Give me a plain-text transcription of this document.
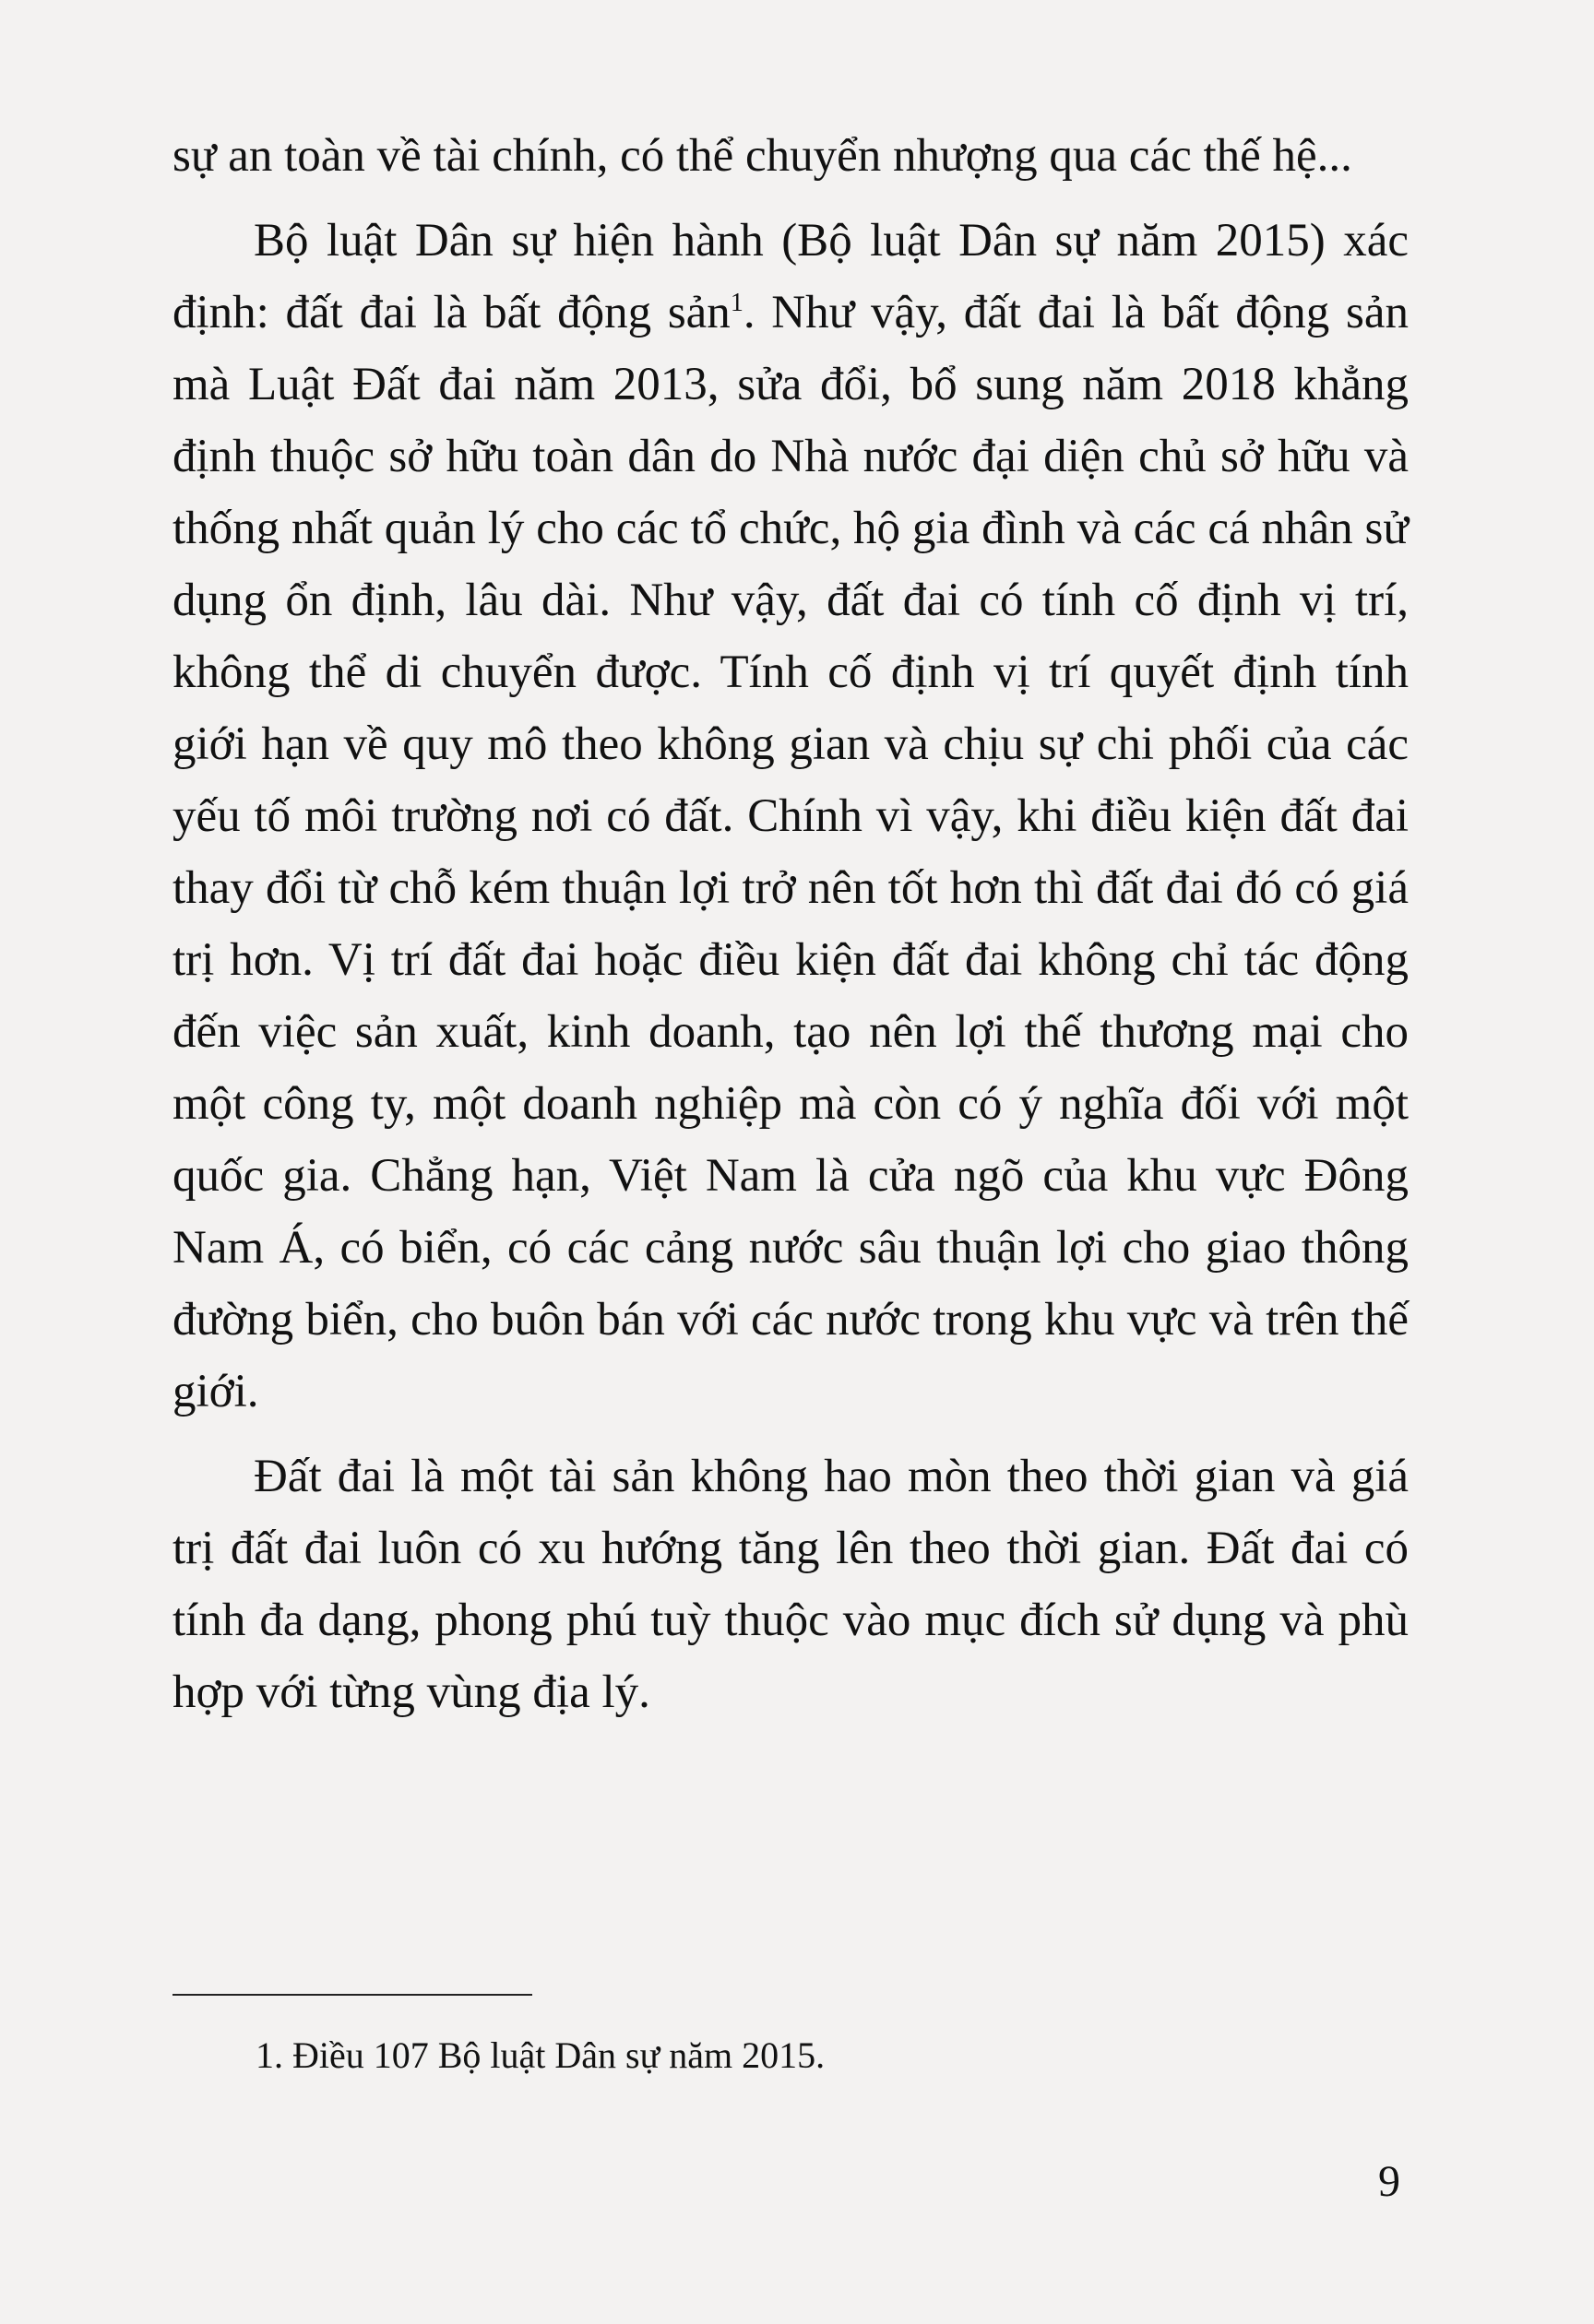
sự an toàn về tài chính, có thể chuyển nhượng qua các thế hệ...

Bộ luật Dân sự hiện hành (Bộ luật Dân sự năm 2015) xác định: đất đai là bất động sản$^1$. Như vậy, đất đai là bất động sản mà Luật Đất đai năm 2013, sửa đổi, bổ sung năm 2018 khẳng định thuộc sở hữu toàn dân do Nhà nước đại diện chủ sở hữu và thống nhất quản lý cho các tổ chức, hộ gia đình và các cá nhân sử dụng ổn định, lâu dài. Như vậy, đất đai có tính cố định vị trí, không thể di chuyển được. Tính cố định vị trí quyết định tính giới hạn về quy mô theo không gian và chịu sự chi phối của các yếu tố môi trường nơi có đất. Chính vì vậy, khi điều kiện đất đai thay đổi từ chỗ kém thuận lợi trở nên tốt hơn thì đất đai đó có giá trị hơn. Vị trí đất đai hoặc điều kiện đất đai không chỉ tác động đến việc sản xuất, kinh doanh, tạo nên lợi thế thương mại cho một công ty, một doanh nghiệp mà còn có ý nghĩa đối với một quốc gia. Chẳng hạn, Việt Nam là cửa ngõ của khu vực Đông Nam Á, có biển, có các cảng nước sâu thuận lợi cho giao thông đường biển, cho buôn bán với các nước trong khu vực và trên thế giới.

Đất đai là một tài sản không hao mòn theo thời gian và giá trị đất đai luôn có xu hướng tăng lên theo thời gian. Đất đai có tính đa dạng, phong phú tuỳ thuộc vào mục đích sử dụng và phù hợp với từng vùng địa lý.

1. Điều 107 Bộ luật Dân sự năm 2015.

9
